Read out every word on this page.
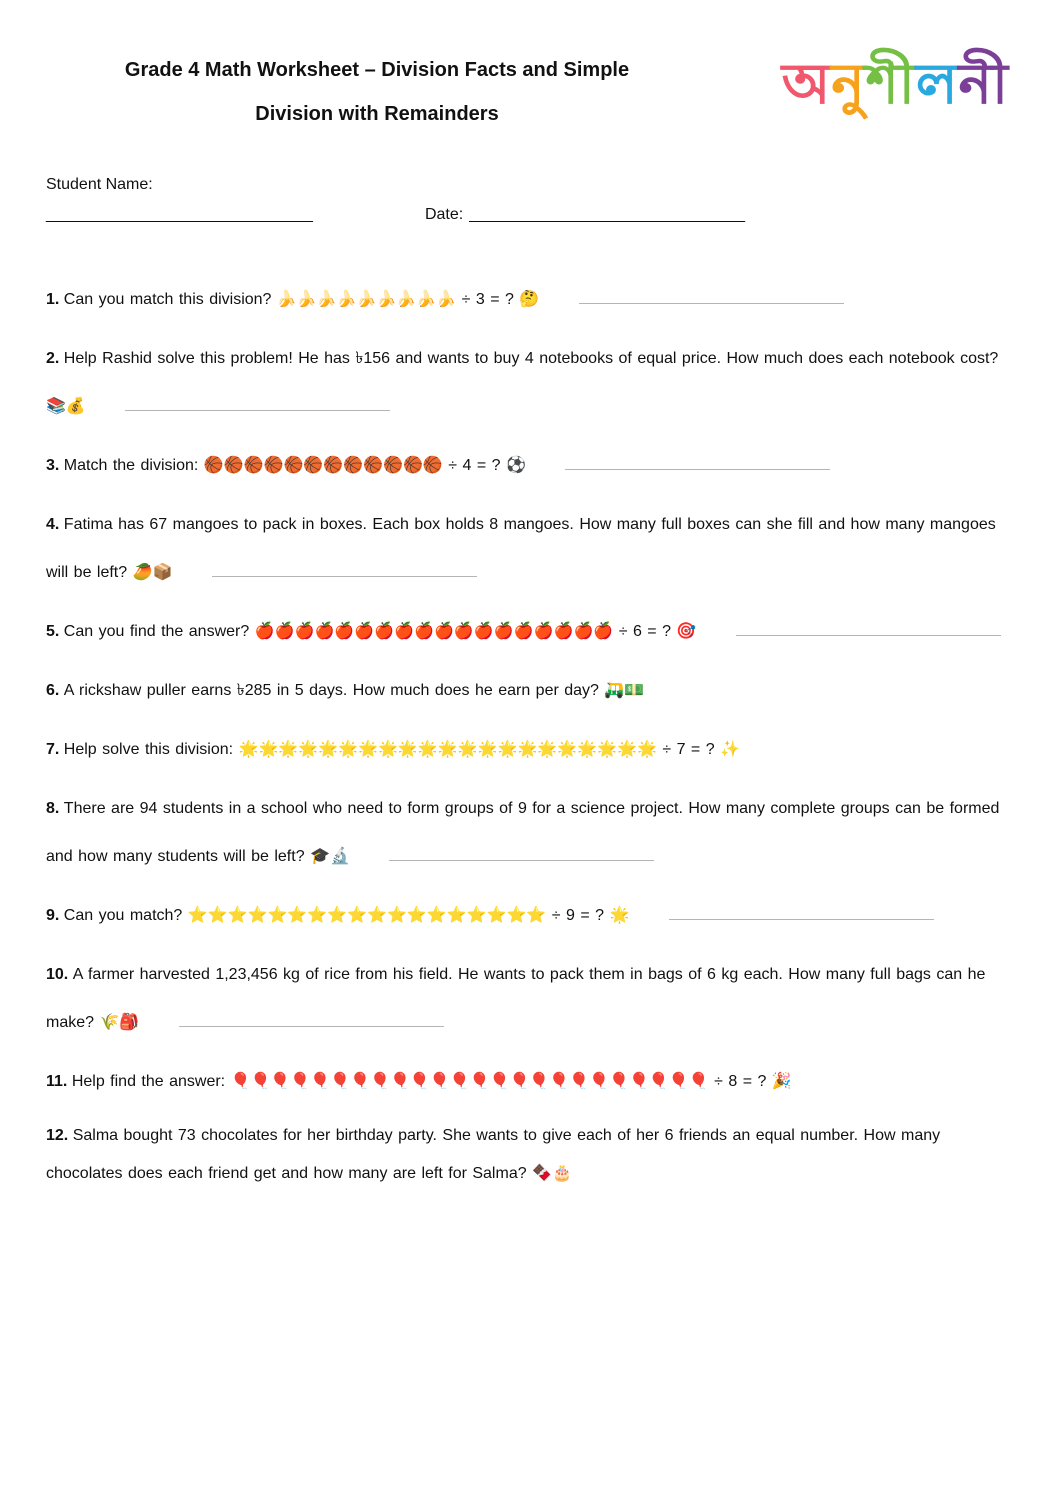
Grade 4 Math Worksheet – Division Facts and Simple
Division with Remainders	অনুশীলনী
Student Name:
______________________________	Date: _______________________________
1. Can you match this division? 🍌🍌🍌🍌🍌🍌🍌🍌🍌 ÷ 3 = ? 🤔
2. Help Rashid solve this problem! He has ৳156 and wants to buy 4 notebooks of equal price. How much does each notebook cost? 📚💰
3. Match the division: 🏀🏀🏀🏀🏀🏀🏀🏀🏀🏀🏀🏀 ÷ 4 = ? ⚽
4. Fatima has 67 mangoes to pack in boxes. Each box holds 8 mangoes. How many full boxes can she fill and how many mangoes will be left? 🥭📦
5. Can you find the answer? 🍎🍎🍎🍎🍎🍎🍎🍎🍎🍎🍎🍎🍎🍎🍎🍎🍎🍎 ÷ 6 = ? 🎯
6. A rickshaw puller earns ৳285 in 5 days. How much does he earn per day? 🛺💵
7. Help solve this division: 🌟🌟🌟🌟🌟🌟🌟🌟🌟🌟🌟🌟🌟🌟🌟🌟🌟🌟🌟🌟🌟 ÷ 7 = ? ✨
8. There are 94 students in a school who need to form groups of 9 for a science project. How many complete groups can be formed and how many students will be left? 🎓🔬
9. Can you match? ⭐⭐⭐⭐⭐⭐⭐⭐⭐⭐⭐⭐⭐⭐⭐⭐⭐⭐ ÷ 9 = ? 🌟
10. A farmer harvested 1,23,456 kg of rice from his field. He wants to pack them in bags of 6 kg each. How many full bags can he make? 🌾🎒
11. Help find the answer: 🎈🎈🎈🎈🎈🎈🎈🎈🎈🎈🎈🎈🎈🎈🎈🎈🎈🎈🎈🎈🎈🎈🎈🎈 ÷ 8 = ? 🎉
12. Salma bought 73 chocolates for her birthday party. She wants to give each of her 6 friends an equal number. How many chocolates does each friend get and how many are left for Salma? 🍫🎂
